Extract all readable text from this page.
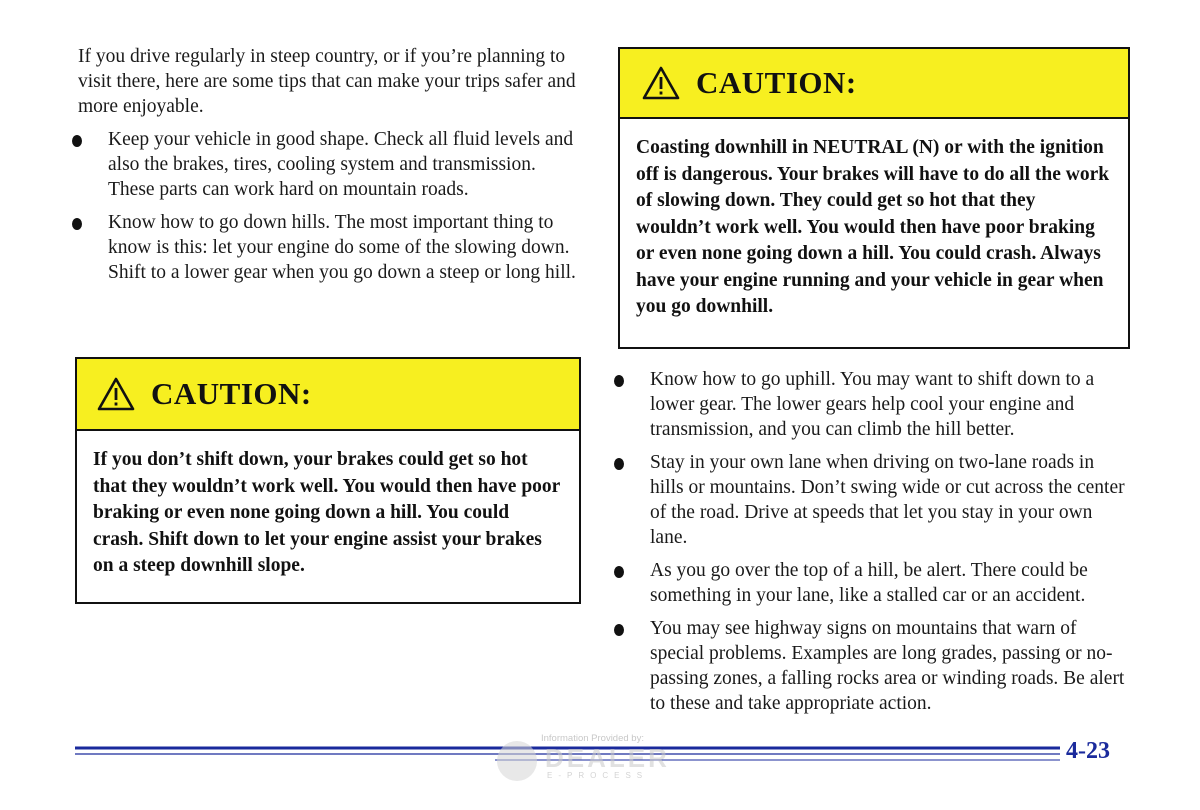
If you drive regularly in steep country, or if you’re planning to visit there, here are some tips that can make your trips safer and more enjoyable.

Keep your vehicle in good shape. Check all fluid levels and also the brakes, tires, cooling system and transmission. These parts can work hard on mountain roads.
Know how to go down hills. The most important thing to know is this: let your engine do some of the slowing down. Shift to a lower gear when you go down a steep or long hill.
CAUTION:
If you don’t shift down, your brakes could get so hot that they wouldn’t work well. You would then have poor braking or even none going down a hill. You could crash. Shift down to let your engine assist your brakes on a steep downhill slope.
CAUTION:
Coasting downhill in NEUTRAL (N) or with the ignition off is dangerous. Your brakes will have to do all the work of slowing down. They could get so hot that they wouldn’t work well. You would then have poor braking or even none going down a hill. You could crash. Always have your engine running and your vehicle in gear when you go downhill.
Know how to go uphill. You may want to shift down to a lower gear. The lower gears help cool your engine and transmission, and you can climb the hill better.
Stay in your own lane when driving on two-lane roads in hills or mountains. Don’t swing wide or cut across the center of the road. Drive at speeds that let you stay in your own lane.
As you go over the top of a hill, be alert. There could be something in your lane, like a stalled car or an accident.
You may see highway signs on mountains that warn of special problems. Examples are long grades, passing or no-passing zones, a falling rocks area or winding roads. Be alert to these and take appropriate action.
Information Provided by:
DEALER
E-PROCESS
4-23
